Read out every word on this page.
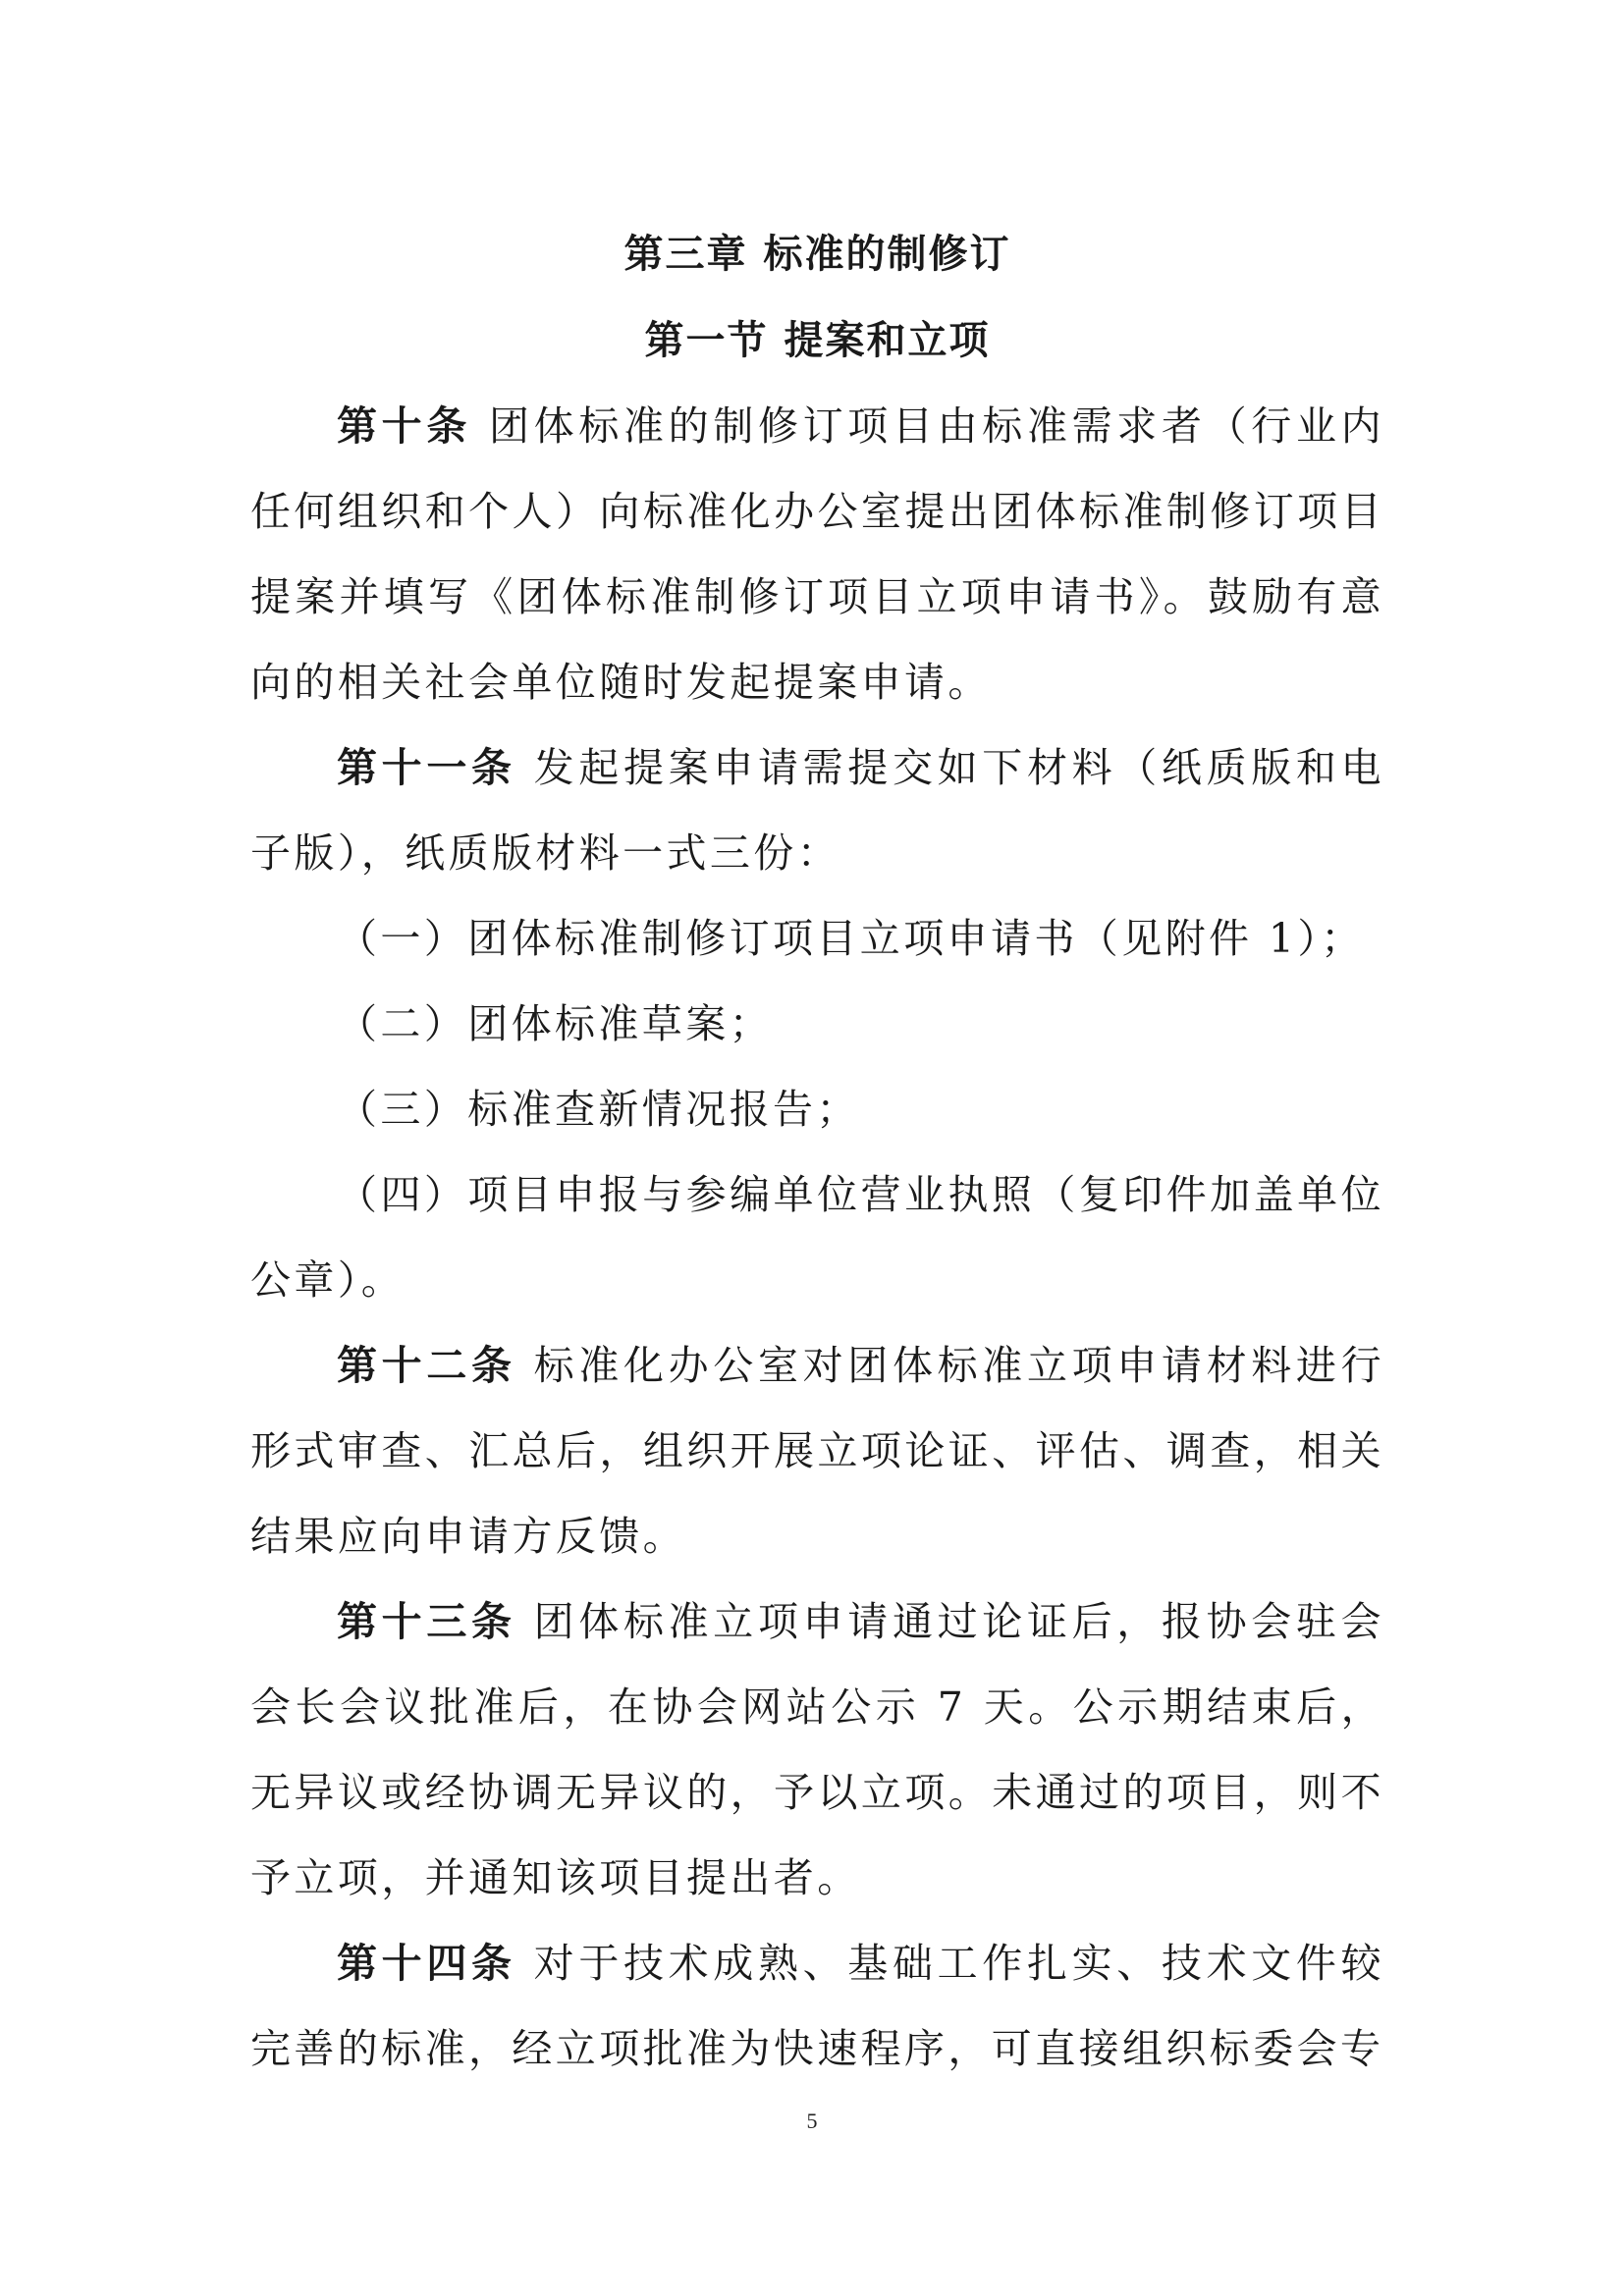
第三章 标准的制修订
第一节 提案和立项

第十条 团体标准的制修订项目由标准需求者（行业内任何组织和个人）向标准化办公室提出团体标准制修订项目提案并填写《团体标准制修订项目立项申请书》。鼓励有意向的相关社会单位随时发起提案申请。

第十一条 发起提案申请需提交如下材料（纸质版和电子版），纸质版材料一式三份：

（一）团体标准制修订项目立项申请书（见附件 1）；

（二）团体标准草案；

（三）标准查新情况报告；

（四）项目申报与参编单位营业执照（复印件加盖单位公章）。

第十二条 标准化办公室对团体标准立项申请材料进行形式审查、汇总后，组织开展立项论证、评估、调查，相关结果应向申请方反馈。

第十三条 团体标准立项申请通过论证后，报协会驻会会长会议批准后，在协会网站公示 7 天。公示期结束后，无异议或经协调无异议的，予以立项。未通过的项目，则不予立项，并通知该项目提出者。

第十四条 对于技术成熟、基础工作扎实、技术文件较完善的标准，经立项批准为快速程序，可直接组织标委会专

5
